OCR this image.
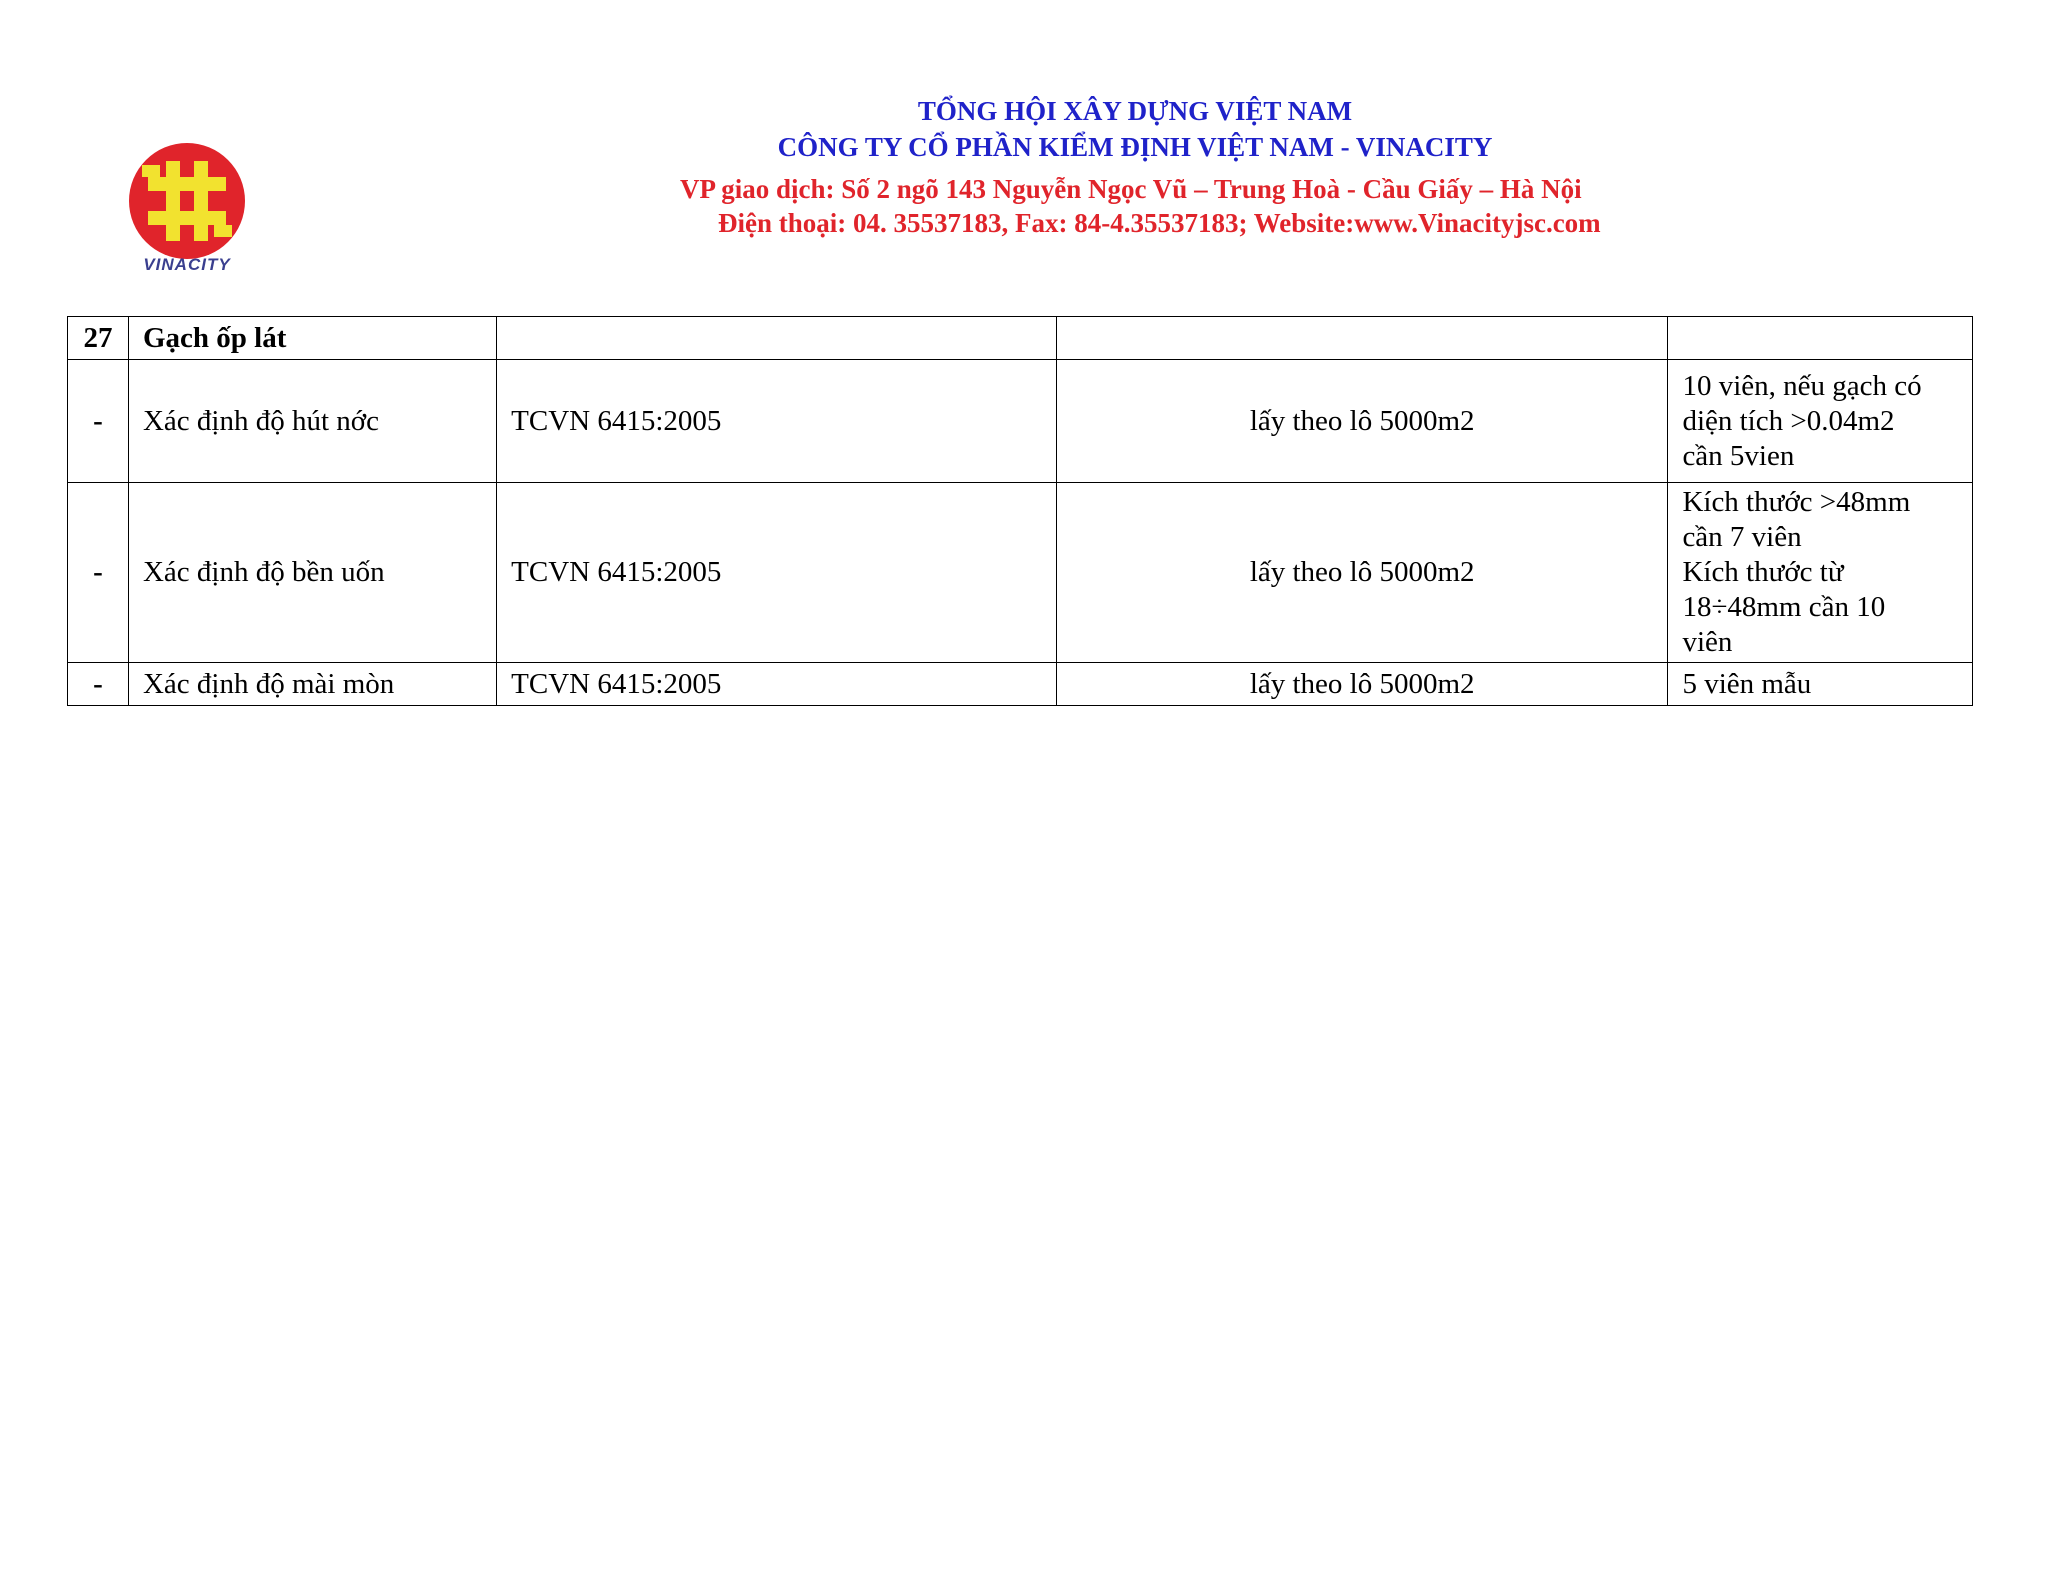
VINACITY
TỔNG HỘI XÂY DỰNG VIỆT NAM
CÔNG TY CỔ PHẦN KIỂM ĐỊNH VIỆT NAM - VINACITY
VP giao dịch: Số 2 ngõ 143 Nguyễn Ngọc Vũ – Trung Hoà - Cầu Giấy – Hà Nội
Điện thoại: 04. 35537183, Fax: 84-4.35537183; Website:www.Vinacityjsc.com
27	Gạch ốp lát			
-	Xác định độ hút nớc	TCVN 6415:2005	lấy theo lô 5000m2	10 viên, nếu gạch có
diện tích >0.04m2
cần 5vien

-	Xác định độ bền uốn	TCVN 6415:2005	lấy theo lô 5000m2	Kích thước >48mm
cần 7 viên
Kích thước từ
18÷48mm cần 10
viên

-	Xác định độ mài mòn	TCVN 6415:2005	lấy theo lô 5000m2	5 viên mẫu
